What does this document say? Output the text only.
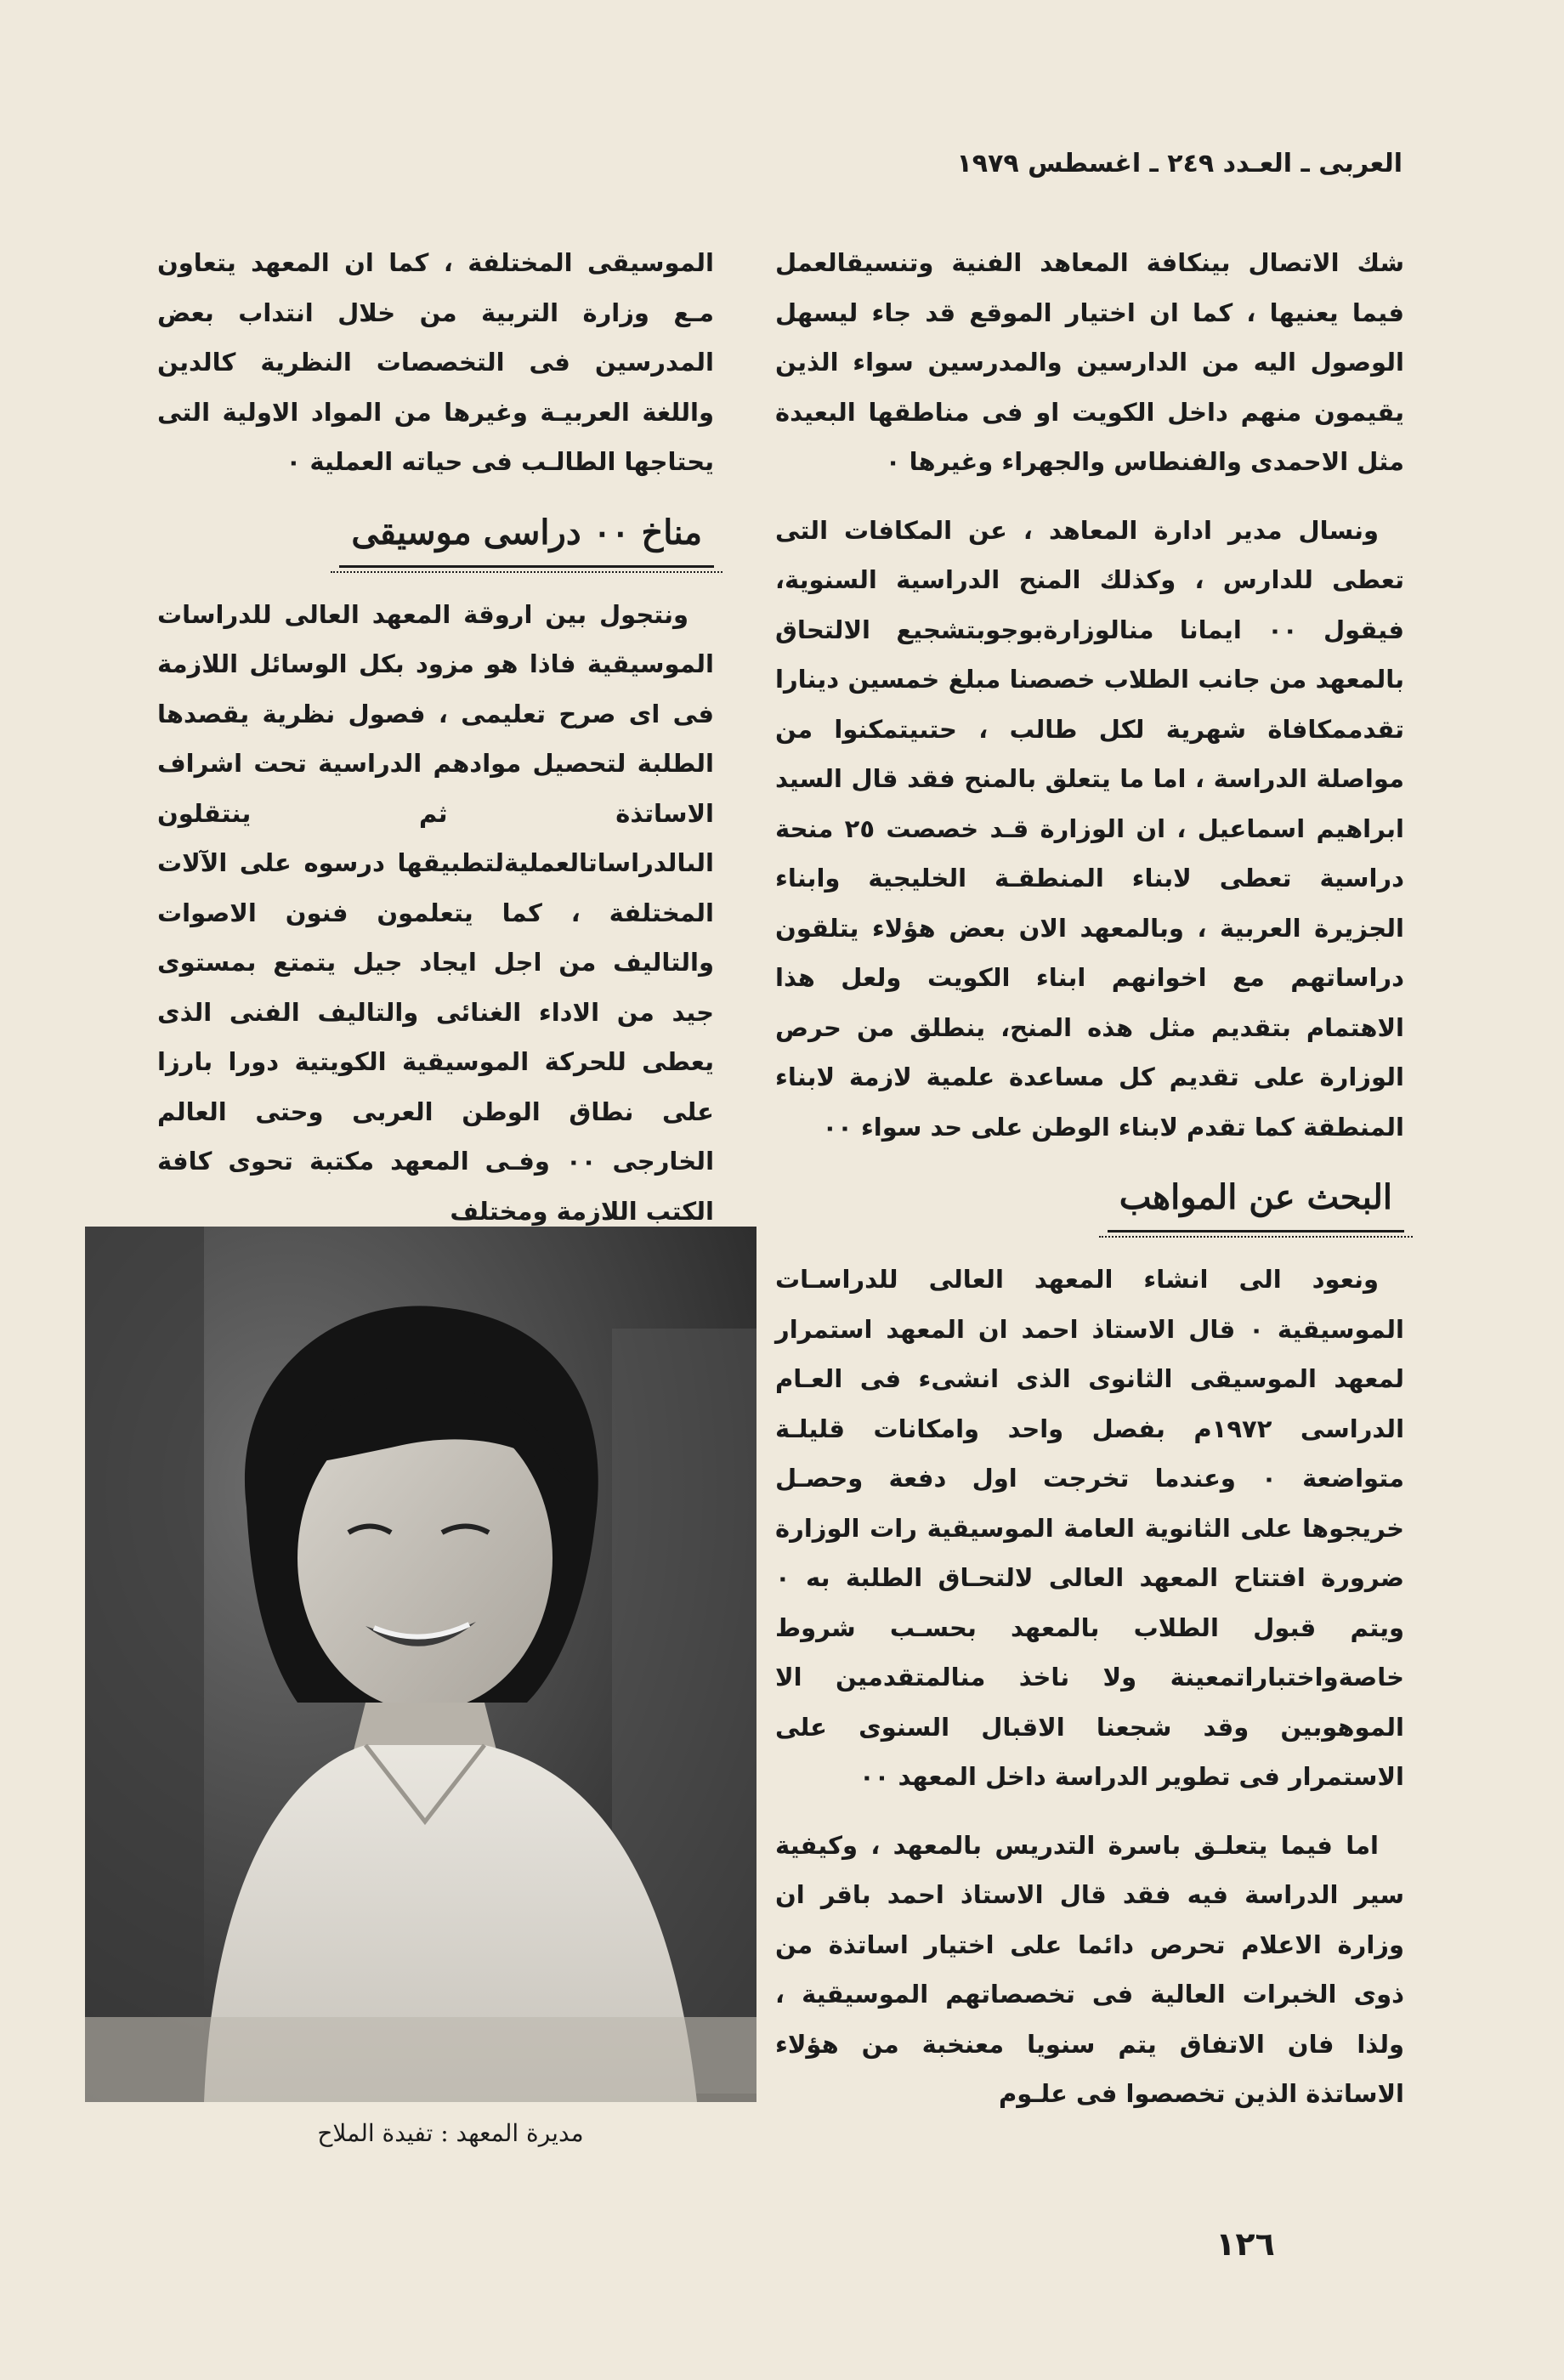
العربى ـ العـدد ٢٤٩ ـ اغسطس ١٩٧٩

شك الاتصال بينكافة المعاهد الفنية وتنسيقالعمل فيما يعنيها ، كما ان اختيار الموقع قد جاء ليسهل الوصول اليه من الدارسين والمدرسين سواء الذين يقيمون منهم داخل الكويت او فى مناطقها البعيدة مثل الاحمدى والفنطاس والجهراء وغيرها ٠

ونسال مدير ادارة المعاهد ، عن المكافات التى تعطى للدارس ، وكذلك المنح الدراسية السنوية، فيقول ٠٠ ايمانا منالوزارةبوجوبتشجيع الالتحاق بالمعهد من جانب الطلاب خصصنا مبلغ خمسين دينارا تقدممكافاة شهرية لكل طالب ، حتىيتمكنوا من مواصلة الدراسة ، اما ما يتعلق بالمنح فقد قال السيد ابراهيم اسماعيل ، ان الوزارة قـد خصصت ٢٥ منحة دراسية تعطى لابناء المنطقـة الخليجية وابناء الجزيرة العربية ، وبالمعهد الان بعض هؤلاء يتلقون دراساتهم مع اخوانهم ابناء الكويت ولعل هذا الاهتمام بتقديم مثل هذه المنح، ينطلق من حرص الوزارة على تقديم كل مساعدة علمية لازمة لابناء المنطقة كما تقدم لابناء الوطن على حد سواء ٠٠

البحث عن المواهب

ونعود الى انشاء المعهد العالى للدراسـات الموسيقية ٠ قال الاستاذ احمد ان المعهد استمرار لمعهد الموسيقى الثانوى الذى انشىء فى العـام الدراسى ١٩٧٢م بفصل واحد وامكانات قليلـة متواضعة ٠ وعندما تخرجت اول دفعة وحصـل خريجوها على الثانوية العامة الموسيقية رات الوزارة ضرورة افتتاح المعهد العالى لالتحـاق الطلبة به ٠ ويتم قبول الطلاب بالمعهد بحسـب شروط خاصةواختباراتمعينة ولا ناخذ منالمتقدمين الا الموهوبين وقد شجعنا الاقبال السنوى على الاستمرار فى تطوير الدراسة داخل المعهد ٠٠

اما فيما يتعلـق باسرة التدريس بالمعهد ، وكيفية سير الدراسة فيه فقد قال الاستاذ احمد باقر ان وزارة الاعلام تحرص دائما على اختيار اساتذة من ذوى الخبرات العالية فى تخصصاتهم الموسيقية ، ولذا فان الاتفاق يتم سنويا معنخبة من هؤلاء الاساتذة الذين تخصصوا فى علـوم

الموسيقى المختلفة ، كما ان المعهد يتعاون مـع وزارة التربية من خلال انتداب بعض المدرسين فى التخصصات النظرية كالدين واللغة العربيـة وغيرها من المواد الاولية التى يحتاجها الطالـب فى حياته العملية ٠

مناخ ٠٠ دراسى موسيقى

ونتجول بين اروقة المعهد العالى للدراسات الموسيقية فاذا هو مزود بكل الوسائل اللازمة فى اى صرح تعليمى ، فصول نظرية يقصدها الطلبة لتحصيل موادهم الدراسية تحت اشراف الاساتذة ثم ينتقلون الىالدراساتالعمليةلتطبيقها درسوه على الآلات المختلفة ، كما يتعلمون فنون الاصوات والتاليف من اجل ايجاد جيل يتمتع بمستوى جيد من الاداء الغنائى والتاليف الفنى الذى يعطى للحركة الموسيقية الكويتية دورا بارزا على نطاق الوطن العربى وحتى العالم الخارجى ٠٠ وفـى المعهد مكتبة تحوى كافة الكتب اللازمة ومختلف

مديرة المعهد : تفيدة الملاح
١٢٦
